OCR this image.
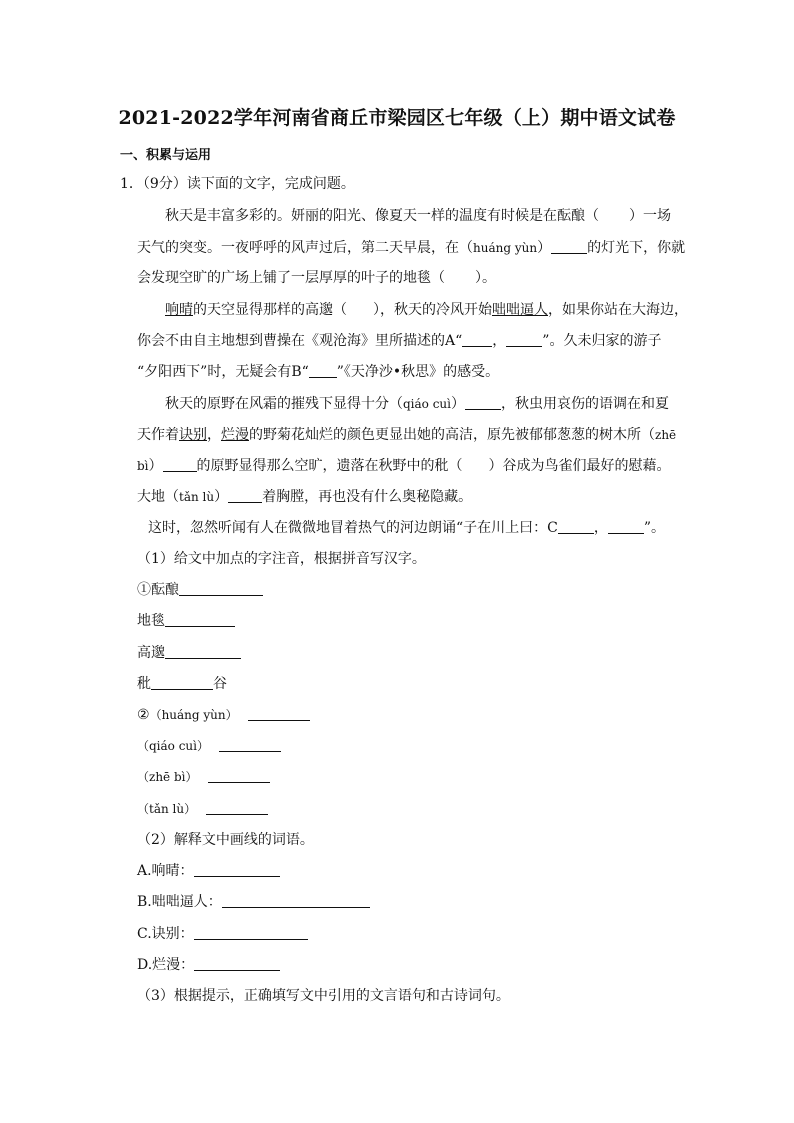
2021-2022学年河南省商丘市梁园区七年级（上）期中语文试卷
一、积累与运用
1．（9分）读下面的文字，完成问题。
秋天是丰富多彩的。妍丽的阳光、像夏天一样的温度有时候是在酝酿（ ）一场
天气的突变。一夜呼呼的风声过后，第二天早晨，在（huáng yùn）	的灯光下，你就
会发现空旷的广场上铺了一层厚厚的叶子的地毯（ ）。
响晴的天空显得那样的高邈（ ），秋天的冷风开始咄咄逼人，如果你站在大海边，
你会不由自主地想到曹操在《观沧海》里所描述的A“ ，	”。久未归家的游子
“夕阳西下”时，无疑会有B“ ”《天净沙•秋思》的感受。
秋天的原野在风霜的摧残下显得十分（qiáo cuì）	，秋虫用哀伤的语调在和夏
天作着诀别，烂漫的野菊花灿烂的颜色更显出她的高洁，原先被郁郁葱葱的树木所（zhē
bì） 的原野显得那么空旷，遗落在秋野中的秕（ ）谷成为鸟雀们最好的慰藉。
大地（tǎn lù） 着胸膛，再也没有什么奥秘隐藏。
这时，忽然听闻有人在微微地冒着热气的河边朗诵“子在川上曰：C	，	”。
（1）给文中加点的字注音，根据拼音写汉字。
①酝酿
地毯
高邈
秕	谷
②（huáng yùn）
（qiáo cuì）
（zhē bì）
（tǎn lù）
（2）解释文中画线的词语。
A.响晴：
B.咄咄逼人：
C.诀别：
D.烂漫：
（3）根据提示，正确填写文中引用的文言语句和古诗词句。
